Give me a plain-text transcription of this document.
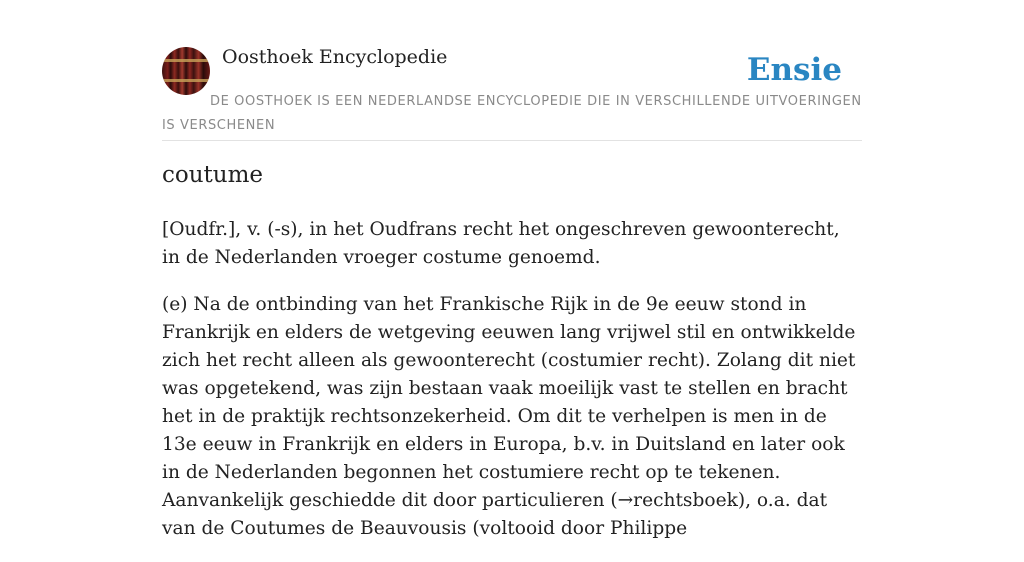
Oosthoek Encyclopedie	Ensie
DE OOSTHOEK IS EEN NEDERLANDSE ENCYCLOPEDIE DIE IN VERSCHILLENDE UITVOERINGEN IS VERSCHENEN
coutume

[Oudfr.], v. (-s), in het Oudfrans recht het ongeschreven gewoonterecht, in de Nederlanden vroeger costume genoemd.

(e) Na de ontbinding van het Frankische Rijk in de 9e eeuw stond in Frankrijk en elders de wetgeving eeuwen lang vrijwel stil en ontwikkelde zich het recht alleen als gewoonterecht (costumier recht). Zolang dit niet was opgetekend, was zijn bestaan vaak moeilijk vast te stellen en bracht het in de praktijk rechtsonzekerheid. Om dit te verhelpen is men in de 13e eeuw in Frankrijk en elders in Europa, b.v. in Duitsland en later ook in de Nederlanden begonnen het costumiere recht op te tekenen. Aanvankelijk geschiedde dit door particulieren (→rechtsboek), o.a. dat van de Coutumes de Beauvousis (voltooid door Philippe
